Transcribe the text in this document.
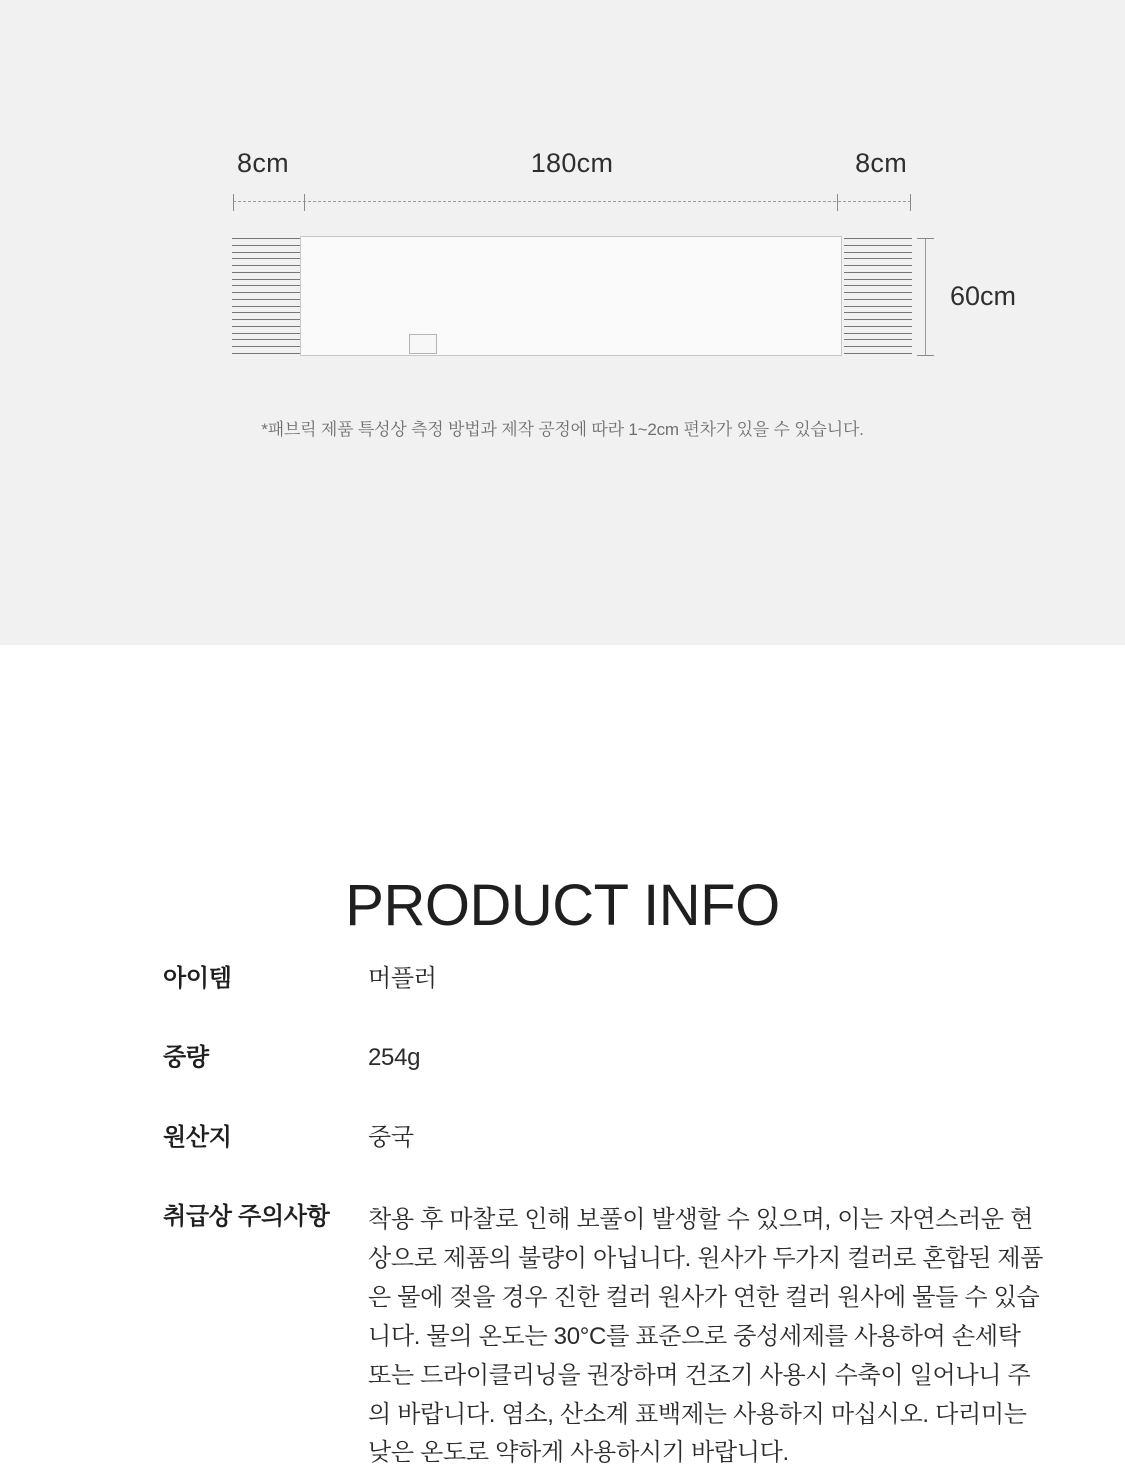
8cm	180cm	8cm
60cm
*패브릭 제품 특성상 측정 방법과 제작 공정에 따라 1~2cm 편차가 있을 수 있습니다.
PRODUCT INFO
아이템	머플러
중량	254g
원산지	중국
취급상 주의사항	착용 후 마찰로 인해 보풀이 발생할 수 있으며, 이는 자연스러운 현상으로 제품의 불량이 아닙니다. 원사가 두가지 컬러로 혼합된 제품은 물에 젖을 경우 진한 컬러 원사가 연한 컬러 원사에 물들 수 있습니다. 물의 온도는 30°C를 표준으로 중성세제를 사용하여 손세탁 또는 드라이클리닝을 권장하며 건조기 사용시 수축이 일어나니 주의 바랍니다. 염소, 산소계 표백제는 사용하지 마십시오. 다리미는 낮은 온도로 약하게 사용하시기 바랍니다.
